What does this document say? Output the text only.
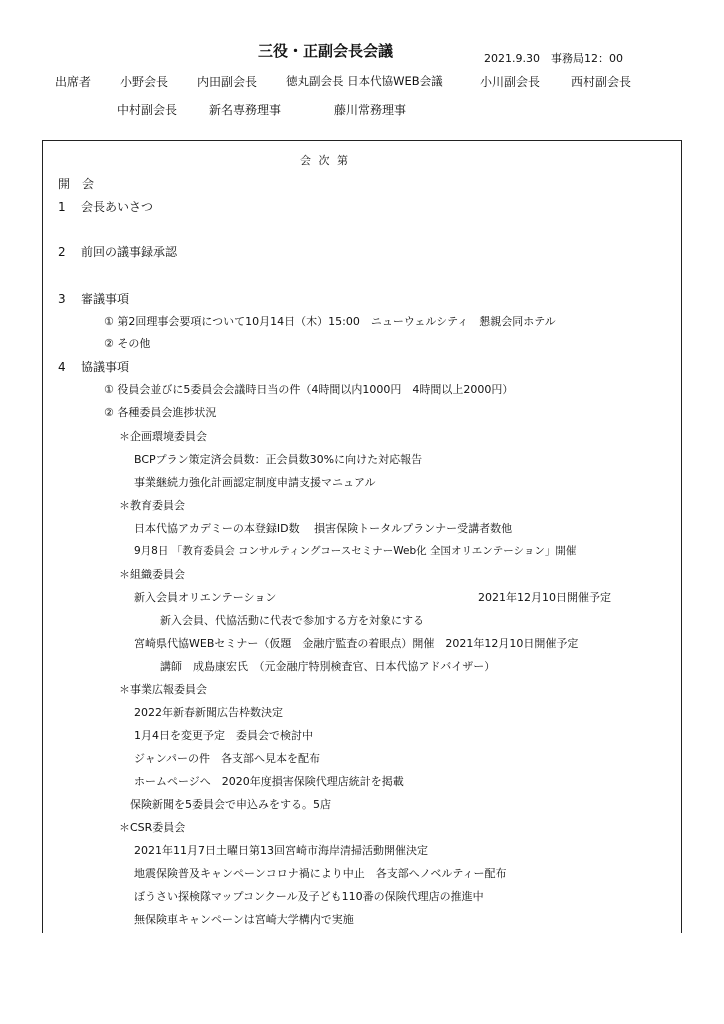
三役・正副会長会議	2021.9.30　事務局12：00
出席者 小野会長 内田副会長	徳丸副会長 日本代協WEB会議	小川副会長	西村副会長
中村副会長	新名専務理事	藤川常務理事
会 次 第
開　会
1 会長あいさつ
2 前回の議事録承認
3 審議事項
① 第2回理事会要項について10月14日（木）15:00　ニューウェルシティ　懇親会同ホテル
② その他
4 協議事項
① 役員会並びに5委員会会議時日当の件（4時間以内1000円　4時間以上2000円）
② 各種委員会進捗状況
＊企画環境委員会
BCPプラン策定済会員数：正会員数30%に向けた対応報告
事業継続力強化計画認定制度申請支援マニュアル
＊教育委員会
日本代協アカデミーの本登録ID数　 損害保険トータルプランナー受講者数他
9月8日 「教育委員会 コンサルティングコースセミナーWeb化 全国オリエンテーション」開催
＊組織委員会
新入会員オリエンテーション	2021年12月10日開催予定
新入会員、代協活動に代表で参加する方を対象にする
宮崎県代協WEBセミナー（仮題　金融庁監査の着眼点）開催　2021年12月10日開催予定
講師　成島康宏氏　（元金融庁特別検査官、日本代協アドバイザー）
＊事業広報委員会
2022年新春新聞広告枠数決定
1月4日を変更予定　委員会で検討中
ジャンパーの件　各支部へ見本を配布
ホームページへ　2020年度損害保険代理店統計を掲載
保険新聞を5委員会で申込みをする。5店
＊CSR委員会
2021年11月7日土曜日第13回宮崎市海岸清掃活動開催決定
地震保険普及キャンペーンコロナ禍により中止　各支部へノベルティー配布
ぼうさい探検隊マップコンクール及子ども110番の保険代理店の推進中
無保険車キャンペーンは宮崎大学構内で実施
